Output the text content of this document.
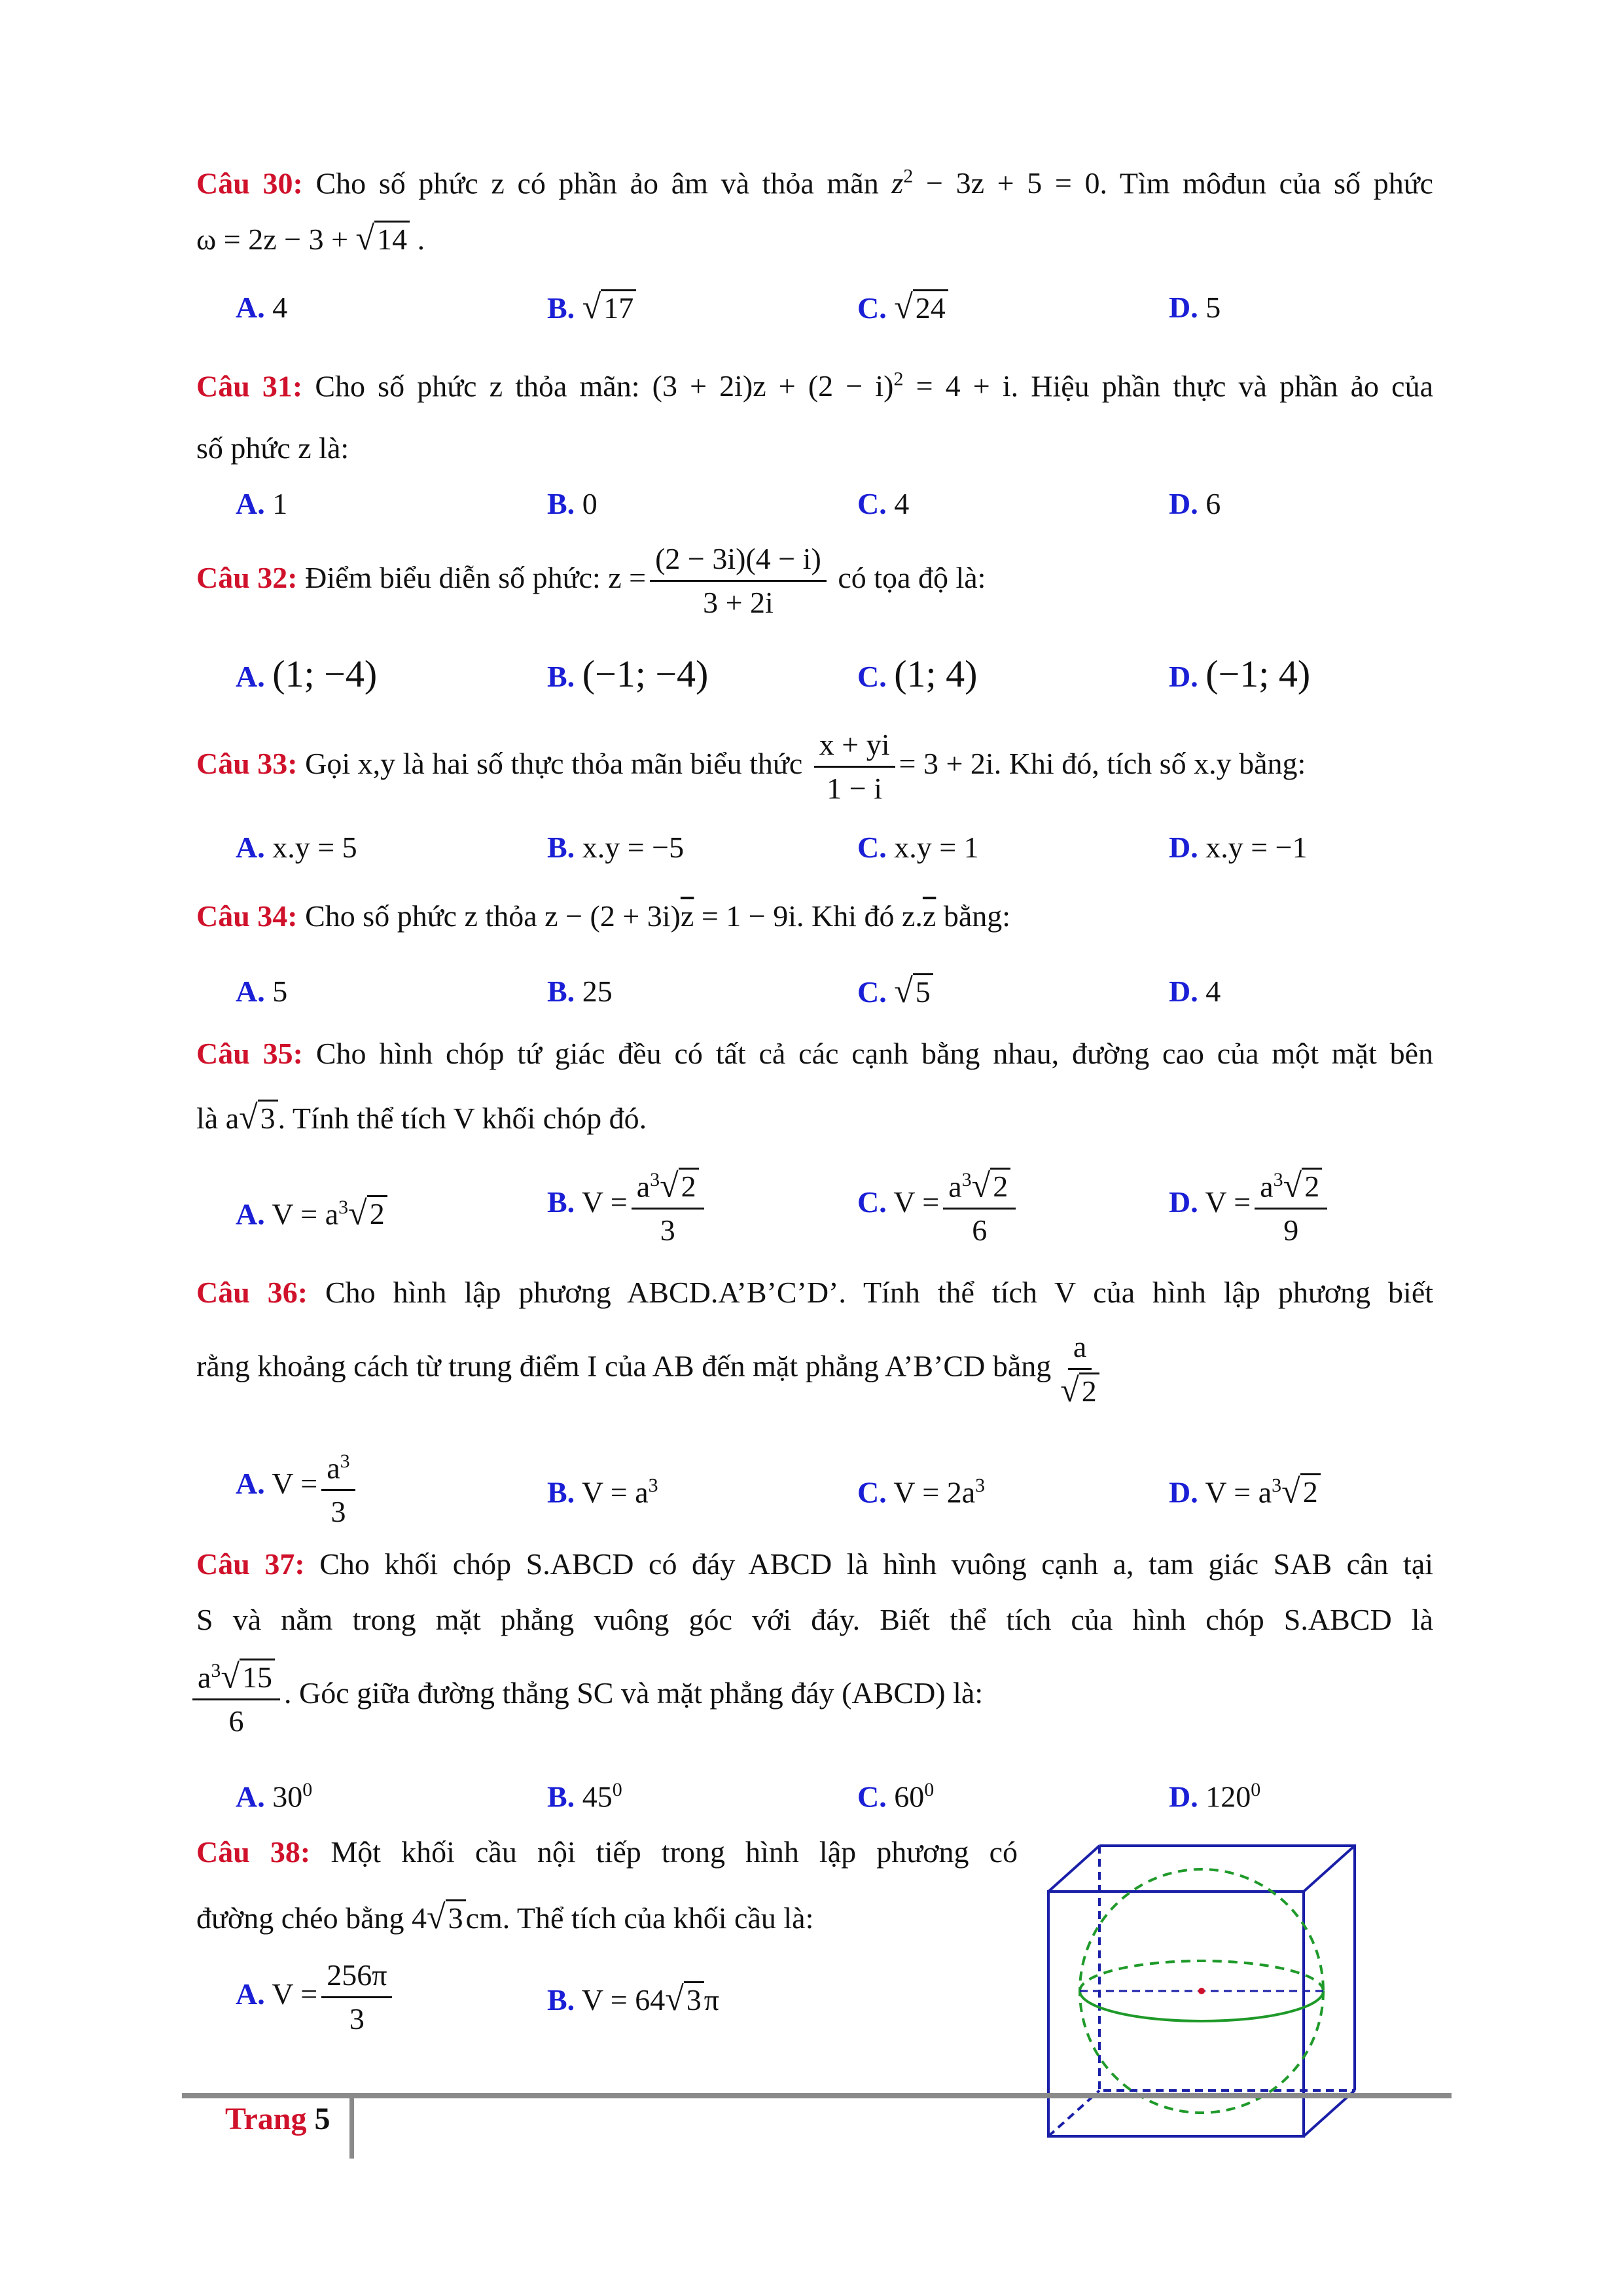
Câu 30: Cho số phức z có phần ảo âm và thỏa mãn $z^2 - 3z + 5 = 0$. Tìm môđun của số phức
ω = 2z − 3 + √14 .
A. 4	B. √17	C. √24	D. 5
Câu 31: Cho số phức z thỏa mãn: $(3 + 2i)z + (2 - i)^2 = 4 + i$. Hiệu phần thực và phần ảo của
số phức z là:
A. 1	B. 0	C. 4	D. 6
Câu 32: Điểm biểu diễn số phức: $z = \frac{(2 - 3i)(4 - i)}{3 + 2i}$ có tọa độ là:
A. (1; −4)	B. (−1; −4)	C. (1; 4)	D. (−1; 4)
Câu 33: Gọi x,y là hai số thực thỏa mãn biểu thức $\frac{x + yi}{1 - i} = 3 + 2i$. Khi đó, tích số x.y bằng:
A. x.y = 5	B. x.y = −5	C. x.y = 1	D. x.y = −1
Câu 34: Cho số phức z thỏa $z - (2 + 3i)\overline{z} = 1 - 9i$. Khi đó $z.\overline{z}$ bằng:
A. 5	B. 25	C. √5	D. 4
Câu 35: Cho hình chóp tứ giác đều có tất cả các cạnh bằng nhau, đường cao của một mặt bên
là a√3. Tính thể tích V khối chóp đó.
A. $V = a^3√2$	B. $V = \frac{a^3√2}{3}$	C. $V = \frac{a^3√2}{6}$	D. $V = \frac{a^3√2}{9}$
Câu 36: Cho hình lập phương ABCD.A’B’C’D’. Tính thể tích V của hình lập phương biết
rằng khoảng cách từ trung điểm I của AB đến mặt phẳng A’B’CD bằng $\frac{a}{√2}$
A. $V = \frac{a^3}{3}$	B. $V = a^3$	C. $V = 2a^3$	D. $V = a^3√2$
Câu 37: Cho khối chóp S.ABCD có đáy ABCD là hình vuông cạnh a, tam giác SAB cân tại
S và nằm trong mặt phẳng vuông góc với đáy. Biết thể tích của hình chóp S.ABCD là
$\frac{a^3√15}{6}$ . Góc giữa đường thẳng SC và mặt phẳng đáy (ABCD) là:
A. $30^0$	B. $45^0$	C. $60^0$	D. $120^0$
Câu 38: Một khối cầu nội tiếp trong hình lập phương có
đường chéo bằng 4√3cm. Thể tích của khối cầu là:
A. $V = \frac{256\pi}{3}$	B. V = 64√3π
Trang 5
